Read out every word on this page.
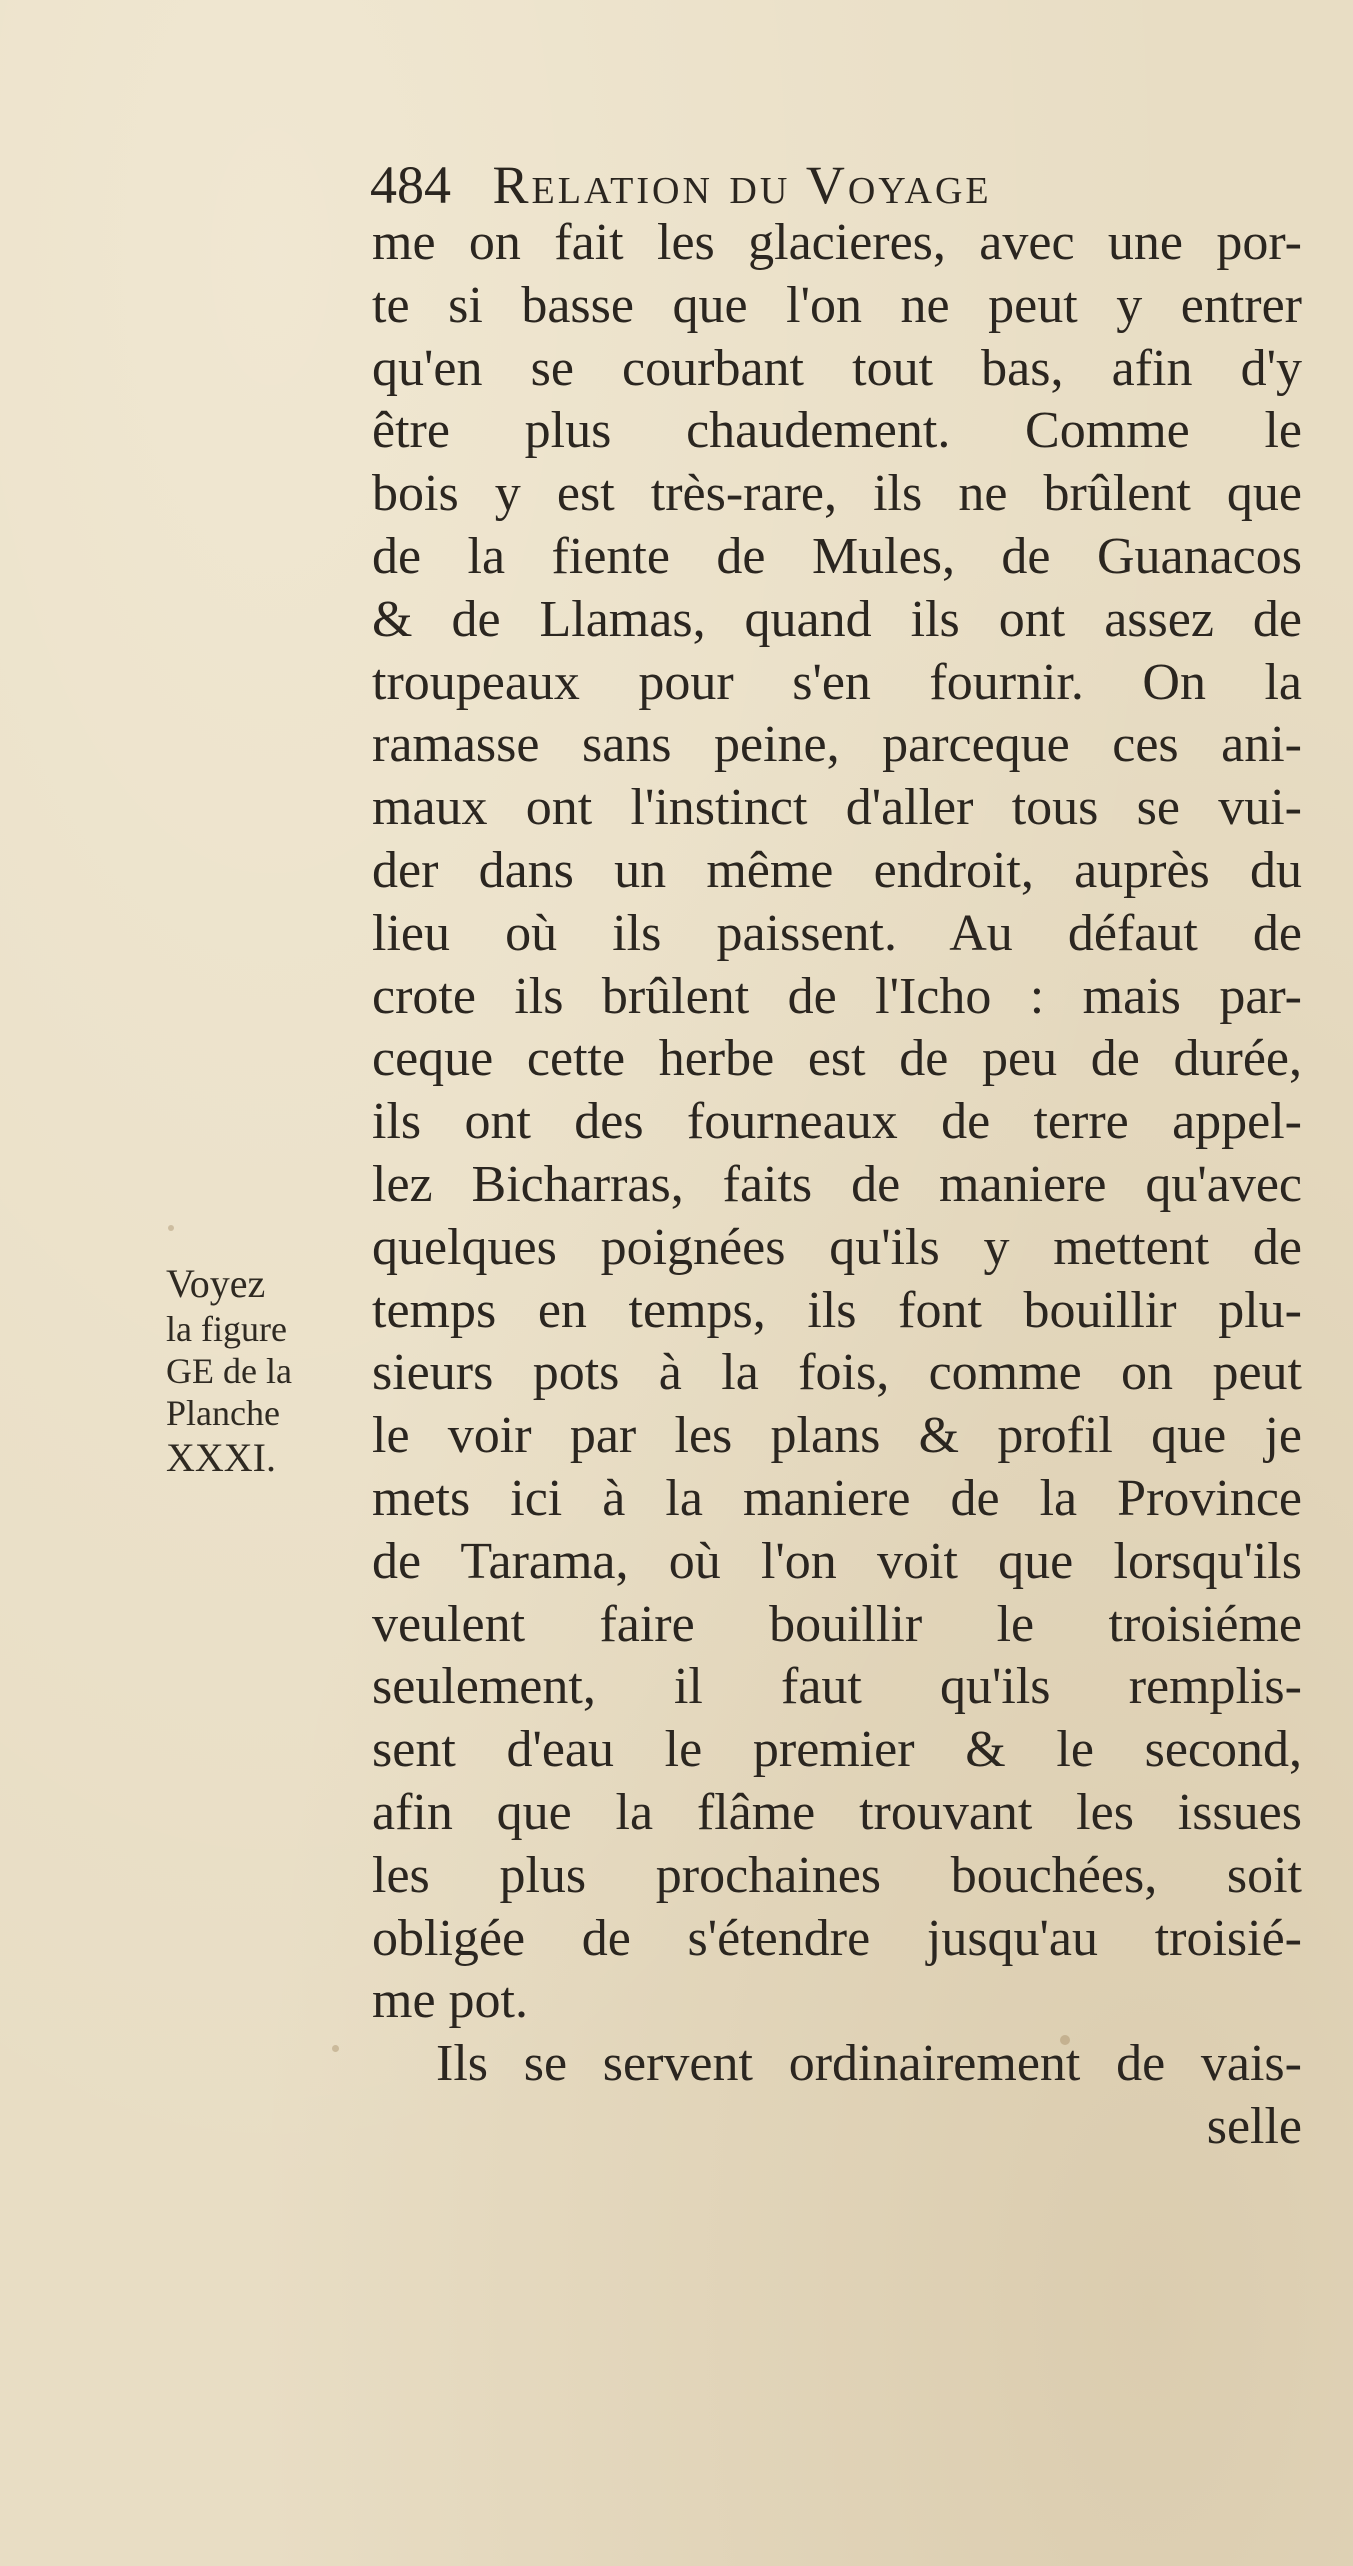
484 Relation du Voyage
me on fait les glacieres, avec une por-
te si basse que l'on ne peut y entrer
qu'en se courbant tout bas, afin d'y
être plus chaudement. Comme le
bois y est très-rare, ils ne brûlent que
de la fiente de Mules, de Guanacos
& de Llamas, quand ils ont assez de
troupeaux pour s'en fournir. On la
ramasse sans peine, parceque ces ani-
maux ont l'instinct d'aller tous se vui-
der dans un même endroit, auprès du
lieu où ils paissent. Au défaut de
crote ils brûlent de l'Icho : mais par-
ceque cette herbe est de peu de durée,
ils ont des fourneaux de terre appel-
lez Bicharras, faits de maniere qu'avec
quelques poignées qu'ils y mettent de
temps en temps, ils font bouillir plu-
sieurs pots à la fois, comme on peut
le voir par les plans & profil que je
mets ici à la maniere de la Province
de Tarama, où l'on voit que lorsqu'ils
veulent faire bouillir le troisiéme
seulement, il faut qu'ils remplis-
sent d'eau le premier & le second,
afin que la flâme trouvant les issues
les plus prochaines bouchées, soit
obligée de s'étendre jusqu'au troisié-
me pot.
Ils se servent ordinairement de vais-
selle
Voyez
la figure
GE de la
Planche
XXXI.
